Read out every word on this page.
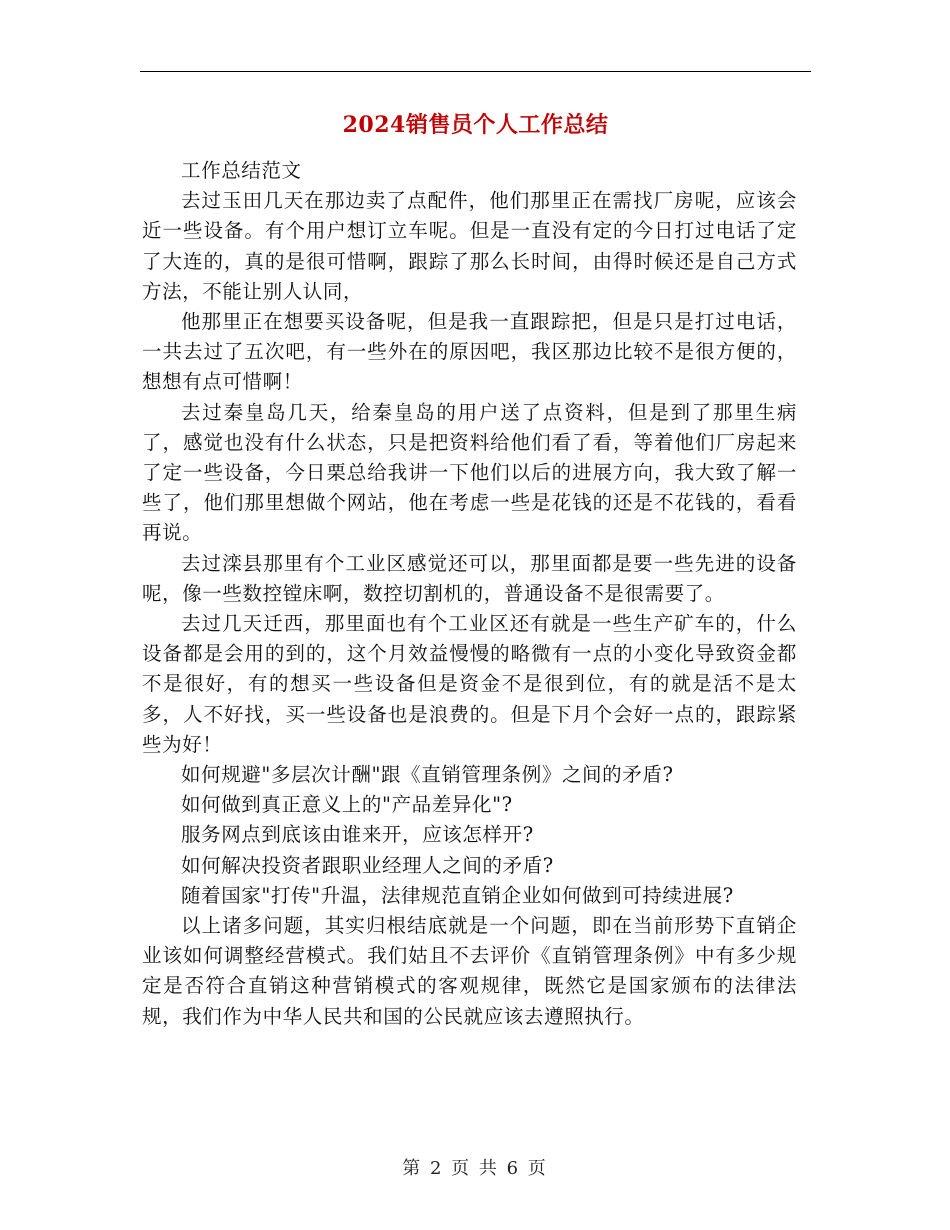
2024销售员个人工作总结

工作总结范文

去过玉田几天在那边卖了点配件，他们那里正在需找厂房呢，应该会近一些设备。有个用户想订立车呢。但是一直没有定的今日打过电话了定了大连的，真的是很可惜啊，跟踪了那么长时间，由得时候还是自己方式方法，不能让别人认同，

他那里正在想要买设备呢，但是我一直跟踪把，但是只是打过电话，一共去过了五次吧，有一些外在的原因吧，我区那边比较不是很方便的，想想有点可惜啊！

去过秦皇岛几天，给秦皇岛的用户送了点资料，但是到了那里生病了，感觉也没有什么状态，只是把资料给他们看了看，等着他们厂房起来了定一些设备，今日栗总给我讲一下他们以后的进展方向，我大致了解一些了，他们那里想做个网站，他在考虑一些是花钱的还是不花钱的，看看再说。

去过滦县那里有个工业区感觉还可以，那里面都是要一些先进的设备呢，像一些数控镗床啊，数控切割机的，普通设备不是很需要了。

去过几天迁西，那里面也有个工业区还有就是一些生产矿车的，什么设备都是会用的到的，这个月效益慢慢的略微有一点的小变化导致资金都不是很好，有的想买一些设备但是资金不是很到位，有的就是活不是太多，人不好找，买一些设备也是浪费的。但是下月个会好一点的，跟踪紧些为好！

如何规避"多层次计酬"跟《直销管理条例》之间的矛盾?

如何做到真正意义上的"产品差异化"?

服务网点到底该由谁来开，应该怎样开?

如何解决投资者跟职业经理人之间的矛盾?

随着国家"打传"升温，法律规范直销企业如何做到可持续进展?

以上诸多问题，其实归根结底就是一个问题，即在当前形势下直销企业该如何调整经营模式。我们姑且不去评价《直销管理条例》中有多少规定是否符合直销这种营销模式的客观规律，既然它是国家颁布的法律法规，我们作为中华人民共和国的公民就应该去遵照执行。

第 2 页 共 6 页
